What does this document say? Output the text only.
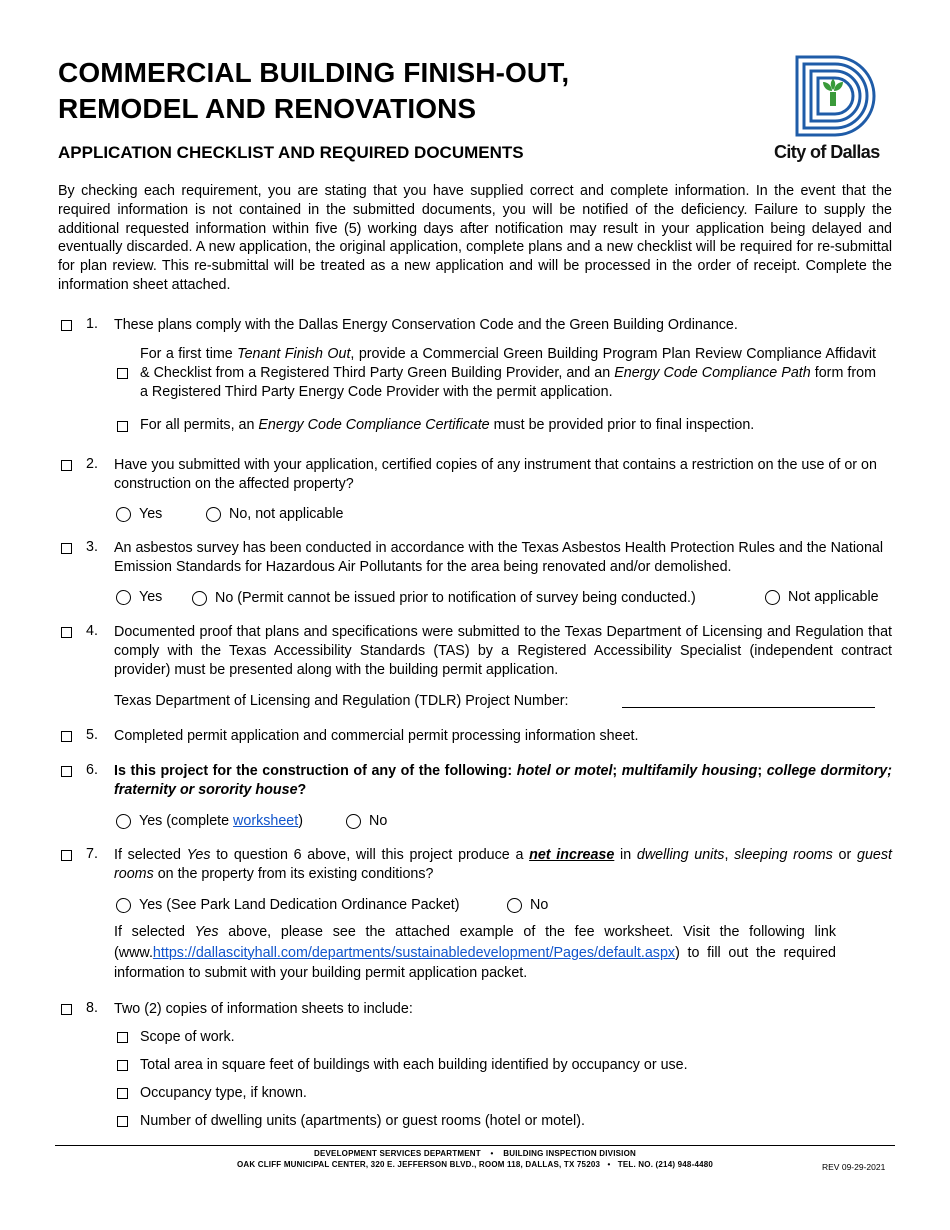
COMMERCIAL BUILDING FINISH-OUT,
REMODEL AND RENOVATIONS
APPLICATION CHECKLIST AND REQUIRED DOCUMENTS	City of Dallas
By checking each requirement, you are stating that you have supplied correct and complete information. In the event that the required information is not contained in the submitted documents, you will be notified of the deficiency. Failure to supply the additional requested information within five (5) working days after notification may result in your application being delayed and eventually discarded. A new application, the original application, complete plans and a new checklist will be required for re-submittal for plan review. This re-submittal will be treated as a new application and will be processed in the order of receipt. Complete the information sheet attached.
1. These plans comply with the Dallas Energy Conservation Code and the Green Building Ordinance.
For a first time Tenant Finish Out, provide a Commercial Green Building Program Plan Review Compliance Affidavit & Checklist from a Registered Third Party Green Building Provider, and an Energy Code Compliance Path form from a Registered Third Party Energy Code Provider with the permit application.
For all permits, an Energy Code Compliance Certificate must be provided prior to final inspection.
2. Have you submitted with your application, certified copies of any instrument that contains a restriction on the use of or on construction on the affected property?
Yes	No, not applicable
3. An asbestos survey has been conducted in accordance with the Texas Asbestos Health Protection Rules and the National Emission Standards for Hazardous Air Pollutants for the area being renovated and/or demolished.
Yes	No (Permit cannot be issued prior to notification of survey being conducted.)	Not applicable
4. Documented proof that plans and specifications were submitted to the Texas Department of Licensing and Regulation that comply with the Texas Accessibility Standards (TAS) by a Registered Accessibility Specialist (independent contract provider) must be presented along with the building permit application.
Texas Department of Licensing and Regulation (TDLR) Project Number:
5. Completed permit application and commercial permit processing information sheet.
6. Is this project for the construction of any of the following: hotel or motel; multifamily housing; college dormitory; fraternity or sorority house?
Yes (complete worksheet)	No
7. If selected Yes to question 6 above, will this project produce a net increase in dwelling units, sleeping rooms or guest rooms on the property from its existing conditions?
Yes (See Park Land Dedication Ordinance Packet)	No
If selected Yes above, please see the attached example of the fee worksheet. Visit the following link (www.https://dallascityhall.com/departments/sustainabledevelopment/Pages/default.aspx) to fill out the required information to submit with your building permit application packet.
8. Two (2) copies of information sheets to include:
Scope of work.
Total area in square feet of buildings with each building identified by occupancy or use.
Occupancy type, if known.
Number of dwelling units (apartments) or guest rooms (hotel or motel).
DEVELOPMENT SERVICES DEPARTMENT • BUILDING INSPECTION DIVISION
OAK CLIFF MUNICIPAL CENTER, 320 E. JEFFERSON BLVD., ROOM 118, DALLAS, TX 75203 • TEL. NO. (214) 948-4480	REV 09-29-2021
